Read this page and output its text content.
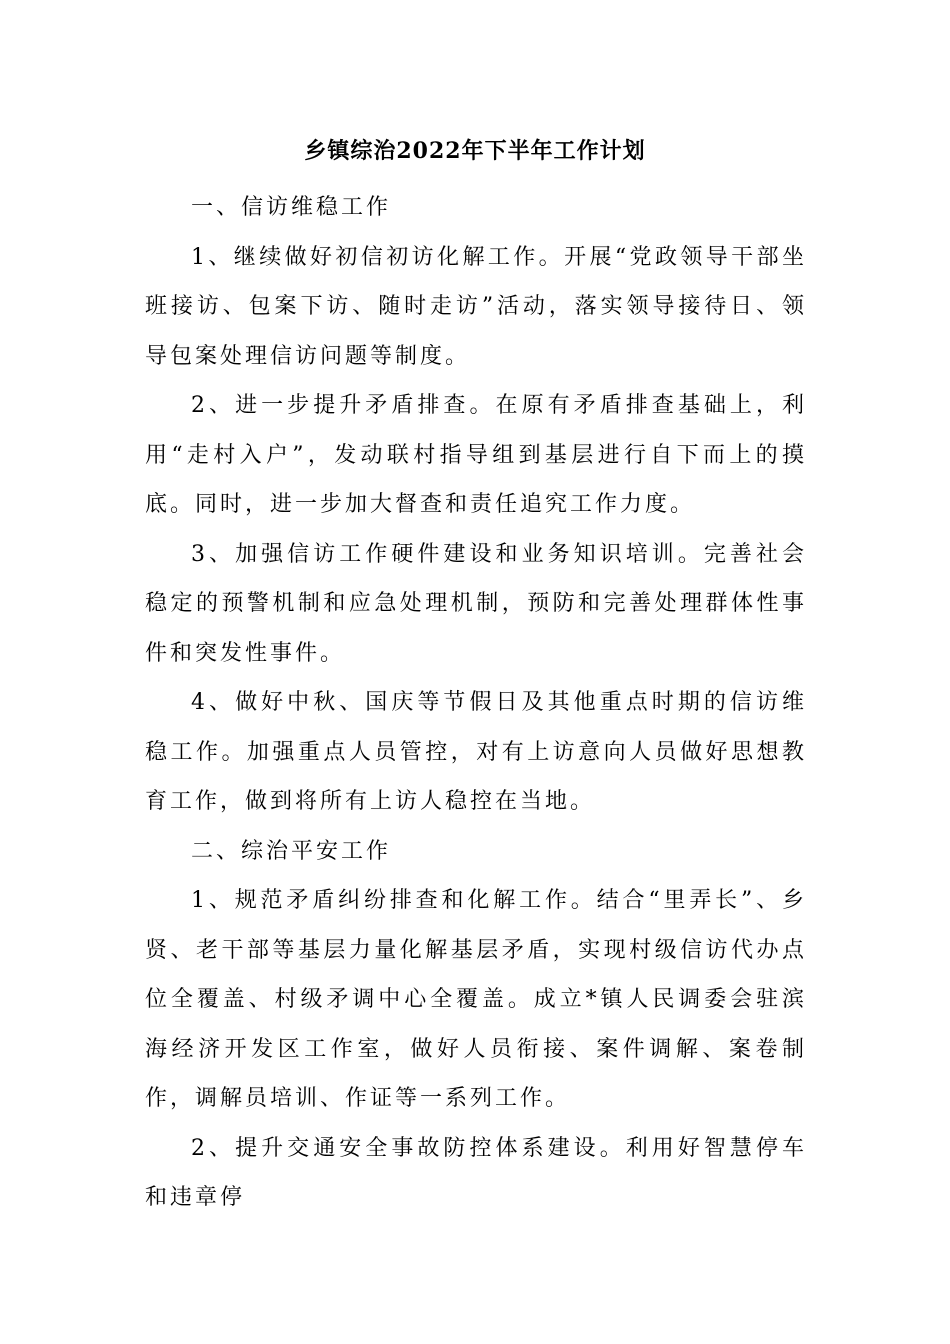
乡镇综治2022年下半年工作计划

一、信访维稳工作

1、继续做好初信初访化解工作。开展“党政领导干部坐班接访、包案下访、随时走访”活动，落实领导接待日、领导包案处理信访问题等制度。

2、进一步提升矛盾排查。在原有矛盾排查基础上，利用“走村入户”，发动联村指导组到基层进行自下而上的摸底。同时，进一步加大督查和责任追究工作力度。

3、加强信访工作硬件建设和业务知识培训。完善社会稳定的预警机制和应急处理机制，预防和完善处理群体性事件和突发性事件。

4、做好中秋、国庆等节假日及其他重点时期的信访维稳工作。加强重点人员管控，对有上访意向人员做好思想教育工作，做到将所有上访人稳控在当地。

二、综治平安工作

1、规范矛盾纠纷排查和化解工作。结合“里弄长”、乡贤、老干部等基层力量化解基层矛盾，实现村级信访代办点位全覆盖、村级矛调中心全覆盖。成立*镇人民调委会驻滨海经济开发区工作室，做好人员衔接、案件调解、案卷制作，调解员培训、作证等一系列工作。

2、提升交通安全事故防控体系建设。利用好智慧停车和违章停
